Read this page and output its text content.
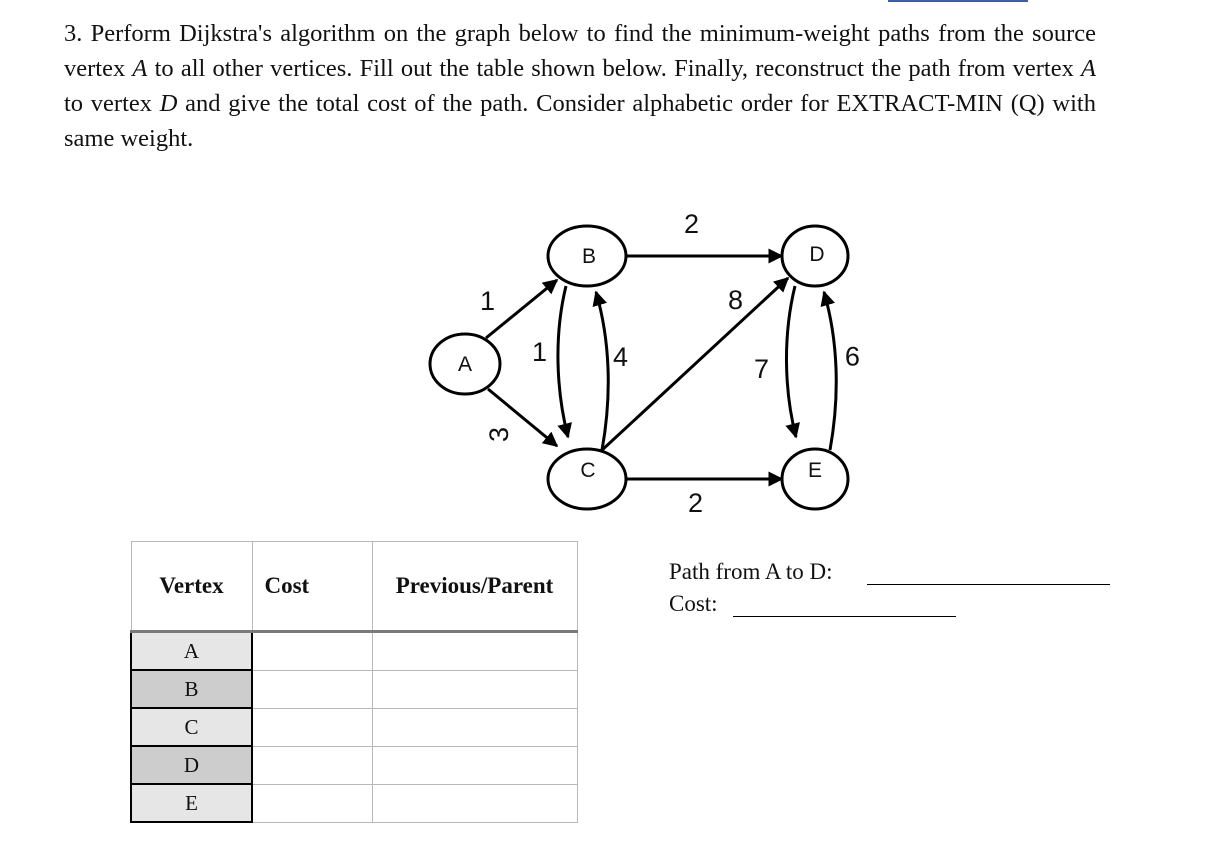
3. Perform Dijkstra's algorithm on the graph below to find the minimum-weight paths from the source vertex A to all other vertices. Fill out the table shown below. Finally, reconstruct the path from vertex A to vertex D and give the total cost of the path. Consider alphabetic order for EXTRACT-MIN (Q) with same weight.

A
B
C
D
E
1
3
1 4
2
8
2
7	9
Vertex	Cost	Previous/Parent
A		
B		
C		
D		
E		
Path from A to D:
Cost:
